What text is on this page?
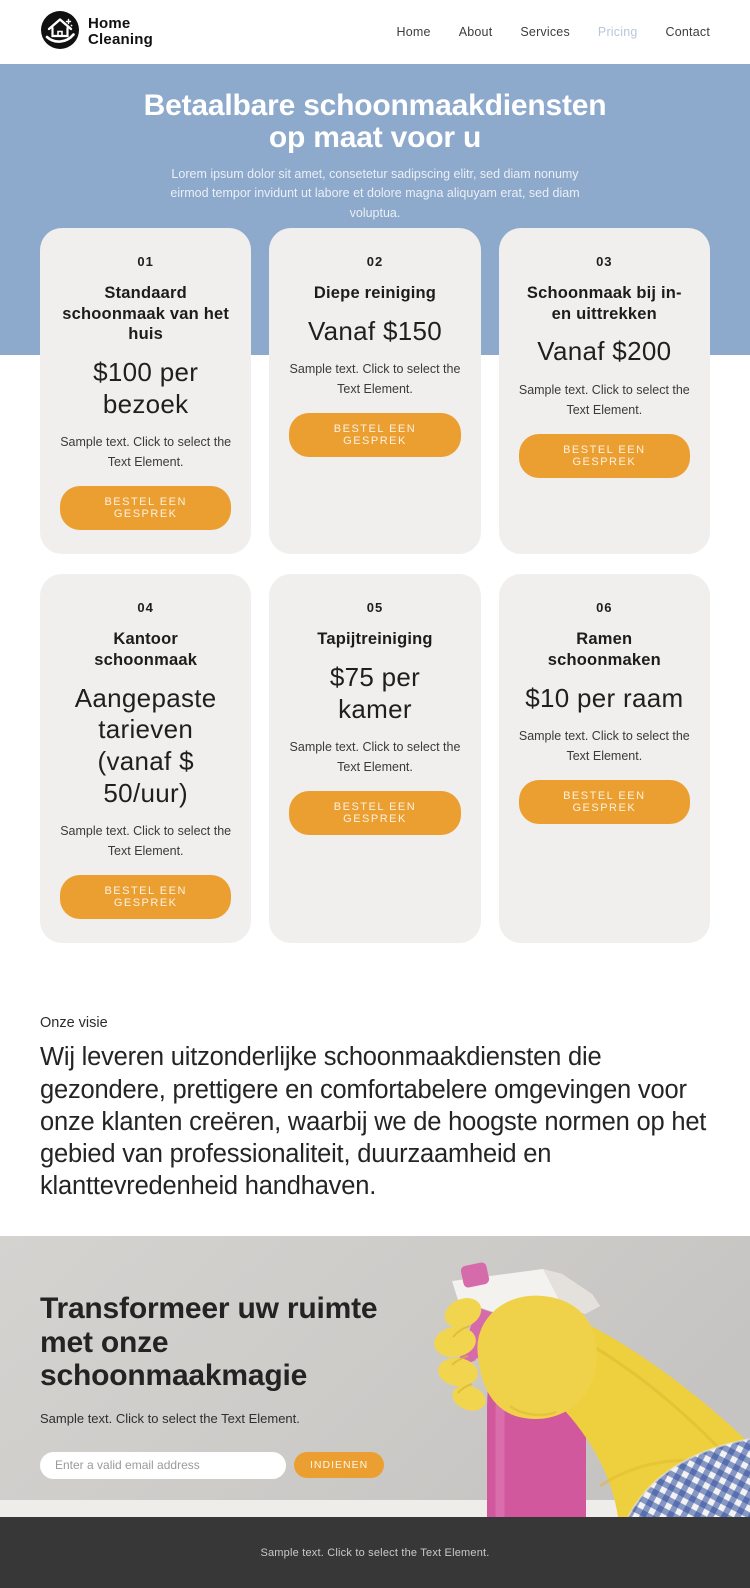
Home
Cleaning	Home About Services Pricing Contact
Betaalbare schoonmaakdiensten op maat voor u

Lorem ipsum dolor sit amet, consetetur sadipscing elitr, sed diam nonumy eirmod tempor invidunt ut labore et dolore magna aliquyam erat, sed diam voluptua.

01
Standaard schoonmaak van het huis
$100 per bezoek
Sample text. Click to select the Text Element.
BESTEL EEN GESPREK
02
Diepe reiniging
Vanaf $150
Sample text. Click to select the Text Element.
BESTEL EEN GESPREK
03
Schoonmaak bij in- en uittrekken
Vanaf $200
Sample text. Click to select the Text Element.
BESTEL EEN GESPREK
04
Kantoor schoonmaak
Aangepaste tarieven (vanaf $ 50/uur)
Sample text. Click to select the Text Element.
BESTEL EEN GESPREK
05
Tapijtreiniging
$75 per kamer
Sample text. Click to select the Text Element.
BESTEL EEN GESPREK
06
Ramen schoonmaken
$10 per raam
Sample text. Click to select the Text Element.
BESTEL EEN GESPREK
Onze visie
Wij leveren uitzonderlijke schoonmaakdiensten die gezondere, prettigere en comfortabelere omgevingen voor onze klanten creëren, waarbij we de hoogste normen op het gebied van professionaliteit, duurzaamheid en klanttevredenheid handhaven.
Transformeer uw ruimte met onze schoonmaakmagie
Sample text. Click to select the Text Element.
Enter a valid email address
INDIENEN
Sample text. Click to select the Text Element.
